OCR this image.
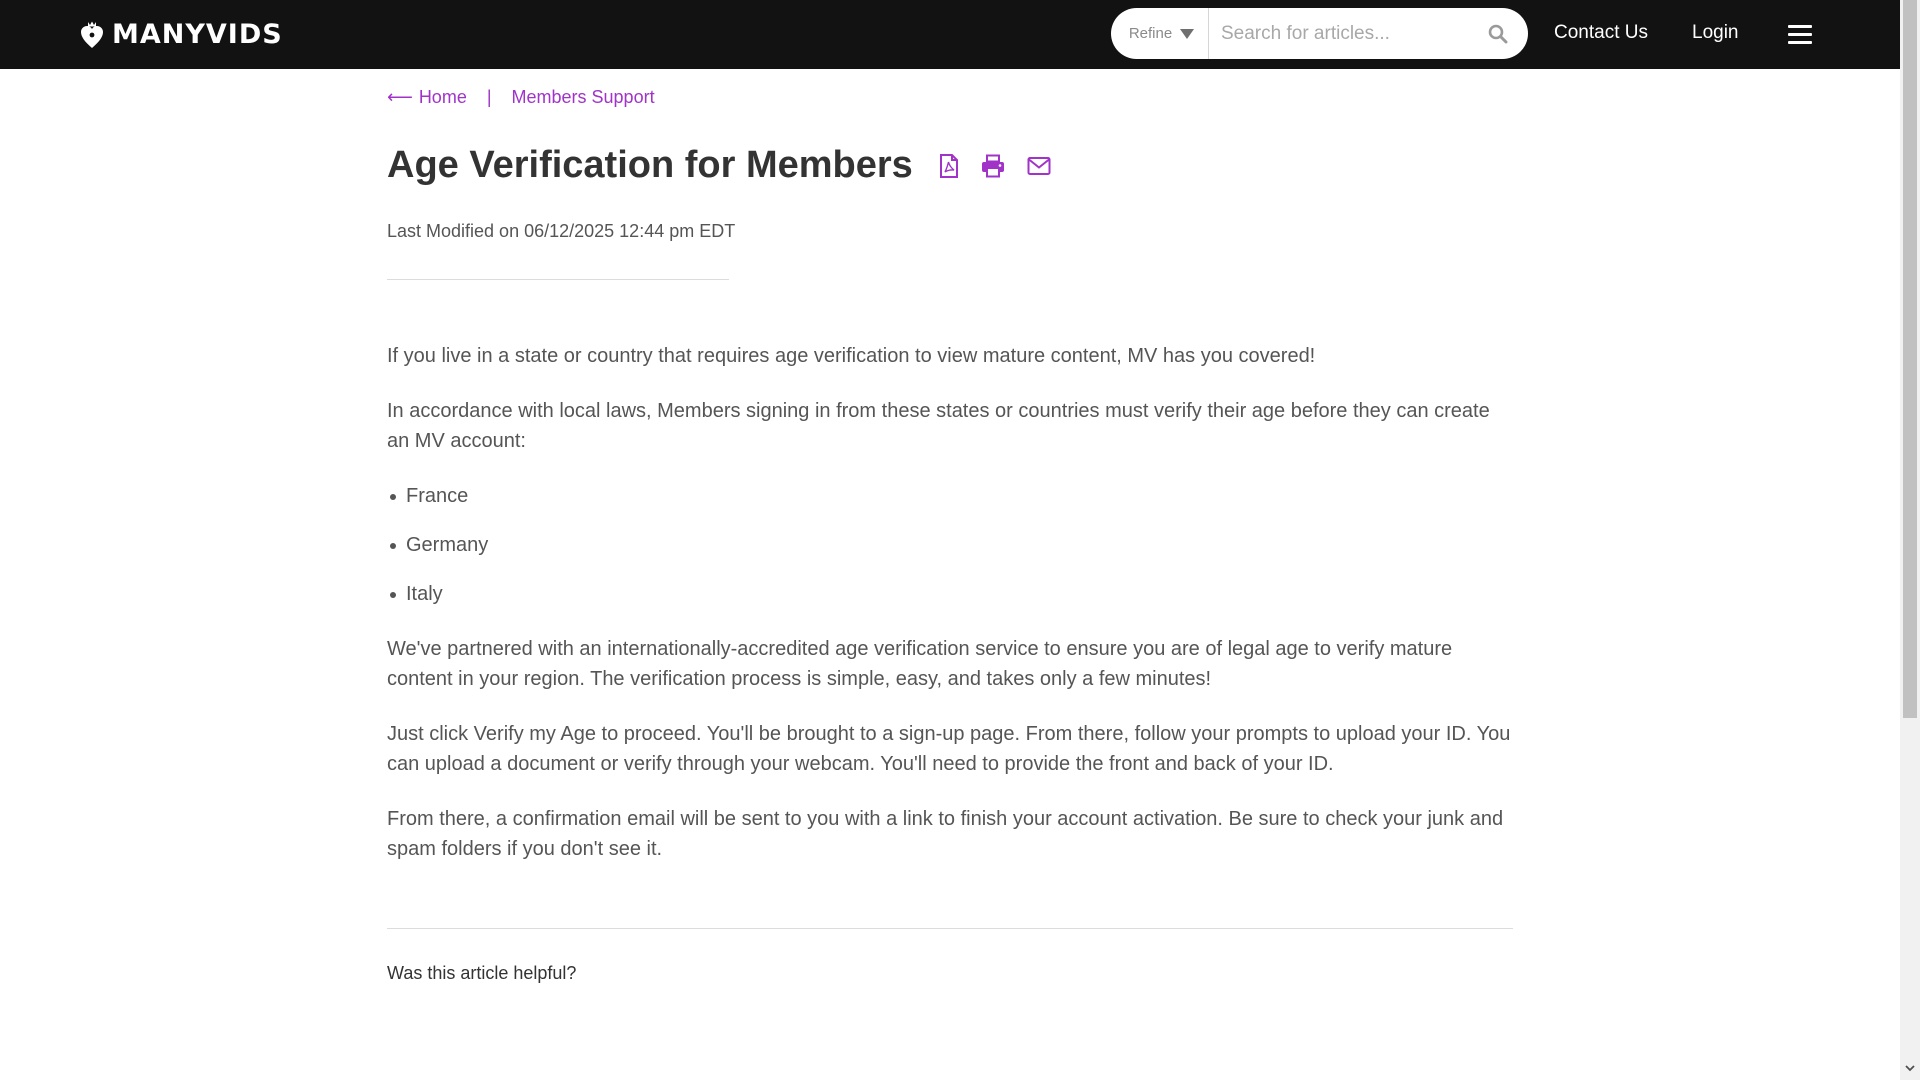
MANYVIDS	Refine
Search for articles...	Contact Us Login
⟵ Home | Members Support
Age Verification for Members
Last Modified on 06/12/2025 12:44 pm EDT

If you live in a state or country that requires age verification to view mature content, MV has you covered!

In accordance with local laws, Members signing in from these states or countries must verify their age before they can create an MV account:

France
Germany
Italy

We've partnered with an internationally-accredited age verification service to ensure you are of legal age to verify mature content in your region. The verification process is simple, easy, and takes only a few minutes!

Just click Verify my Age to proceed. You'll be brought to a sign-up page. From there, follow your prompts to upload your ID. You can upload a document or verify through your webcam. You'll need to provide the front and back of your ID.

From there, a confirmation email will be sent to you with a link to finish your account activation. Be sure to check your junk and spam folders if you don't see it.

Was this article helpful?
